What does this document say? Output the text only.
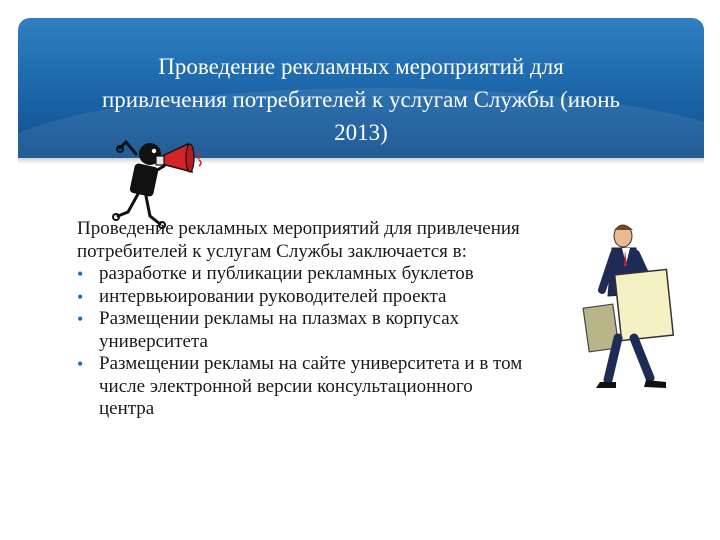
Проведение рекламных мероприятий для
привлечения потребителей к услугам Службы (июнь
2013)

Проведение рекламных мероприятий для привлечения
потребителей к услугам Службы заключается в:

• разработке и публикации рекламных буклетов
• интервьюировании руководителей проекта
• Размещении рекламы на плазмах в корпусах
университета
• Размещении рекламы на сайте университета и в том
числе электронной версии консультационного
центра
